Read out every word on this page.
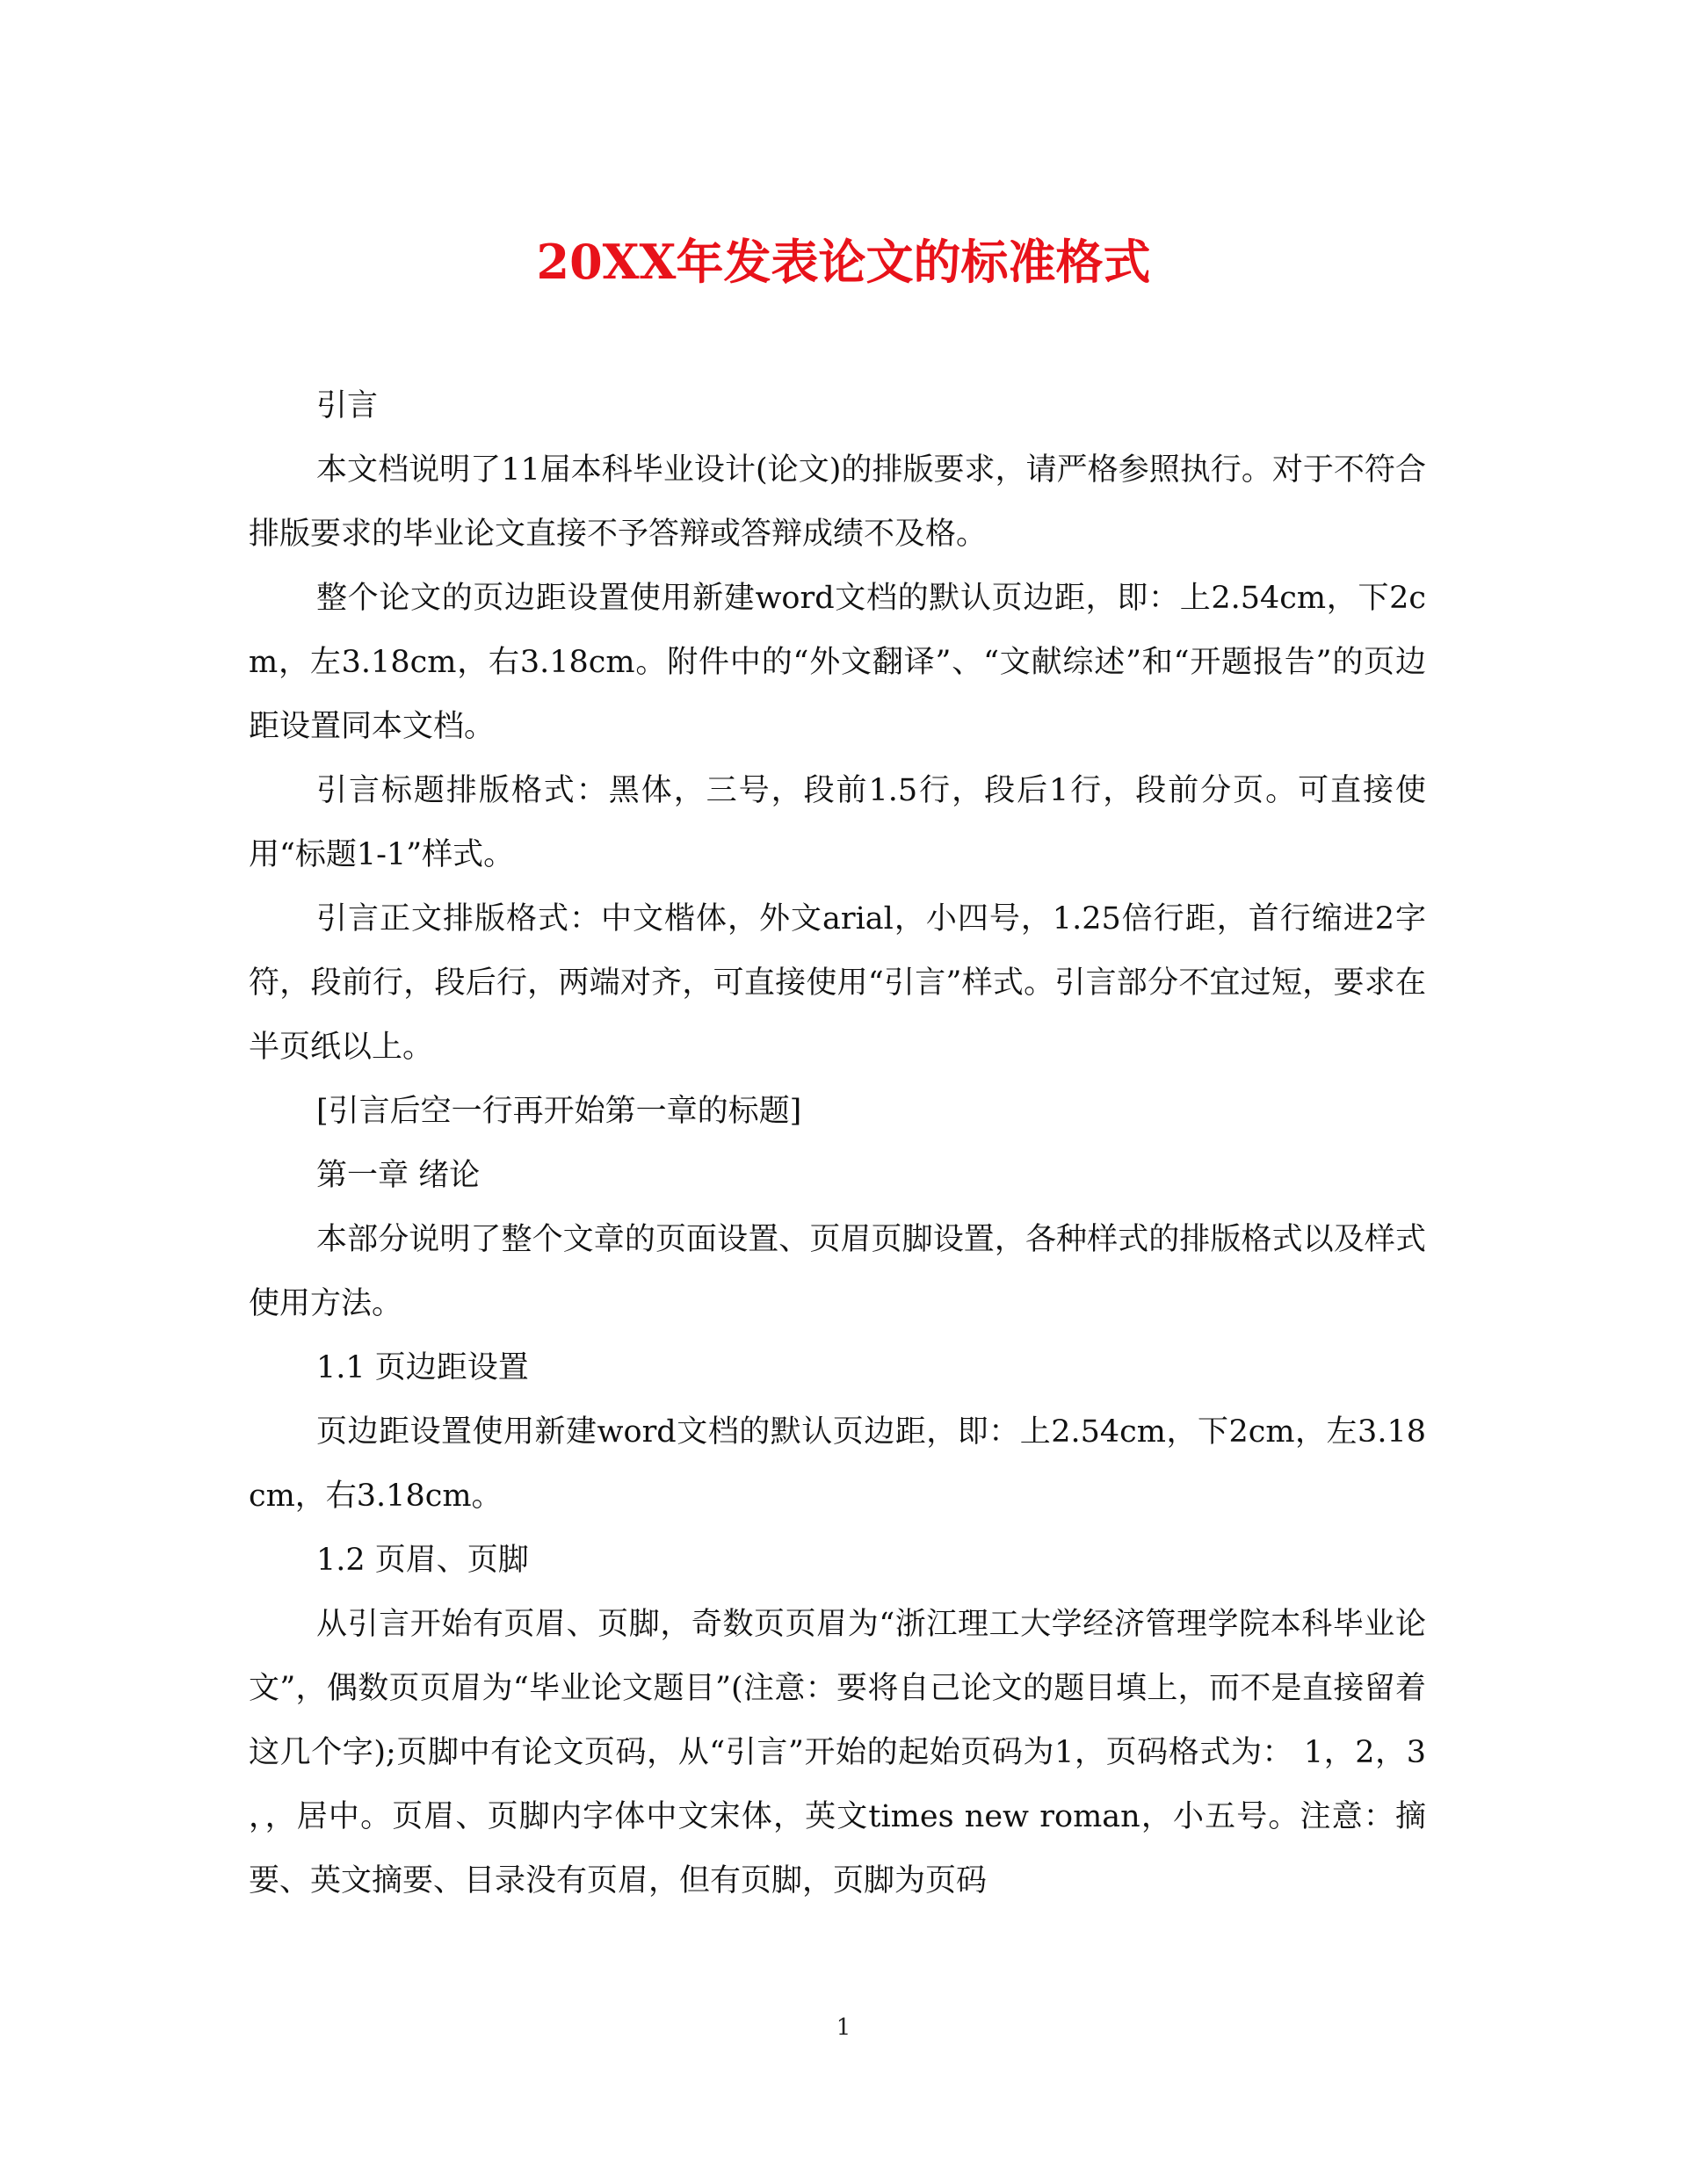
20XX年发表论文的标准格式

引言

本文档说明了11届本科毕业设计(论文)的排版要求，请严格参照执行。对于不符合排版要求的毕业论文直接不予答辩或答辩成绩不及格。

整个论文的页边距设置使用新建word文档的默认页边距，即：上2.54cm，下2cm，左3.18cm，右3.18cm。附件中的“外文翻译”、“文献综述”和“开题报告”的页边距设置同本文档。

引言标题排版格式：黑体，三号，段前1.5行，段后1行，段前分页。可直接使用“标题1-1”样式。

引言正文排版格式：中文楷体，外文arial，小四号，1.25倍行距，首行缩进2字符，段前行，段后行，两端对齐，可直接使用“引言”样式。引言部分不宜过短，要求在半页纸以上。

[引言后空一行再开始第一章的标题]

第一章 绪论

本部分说明了整个文章的页面设置、页眉页脚设置，各种样式的排版格式以及样式使用方法。

1.1 页边距设置

页边距设置使用新建word文档的默认页边距，即：上2.54cm，下2cm，左3.18cm，右3.18cm。

1.2 页眉、页脚

从引言开始有页眉、页脚，奇数页页眉为“浙江理工大学经济管理学院本科毕业论文”，偶数页页眉为“毕业论文题目”(注意：要将自己论文的题目填上，而不是直接留着这几个字);页脚中有论文页码，从“引言”开始的起始页码为1，页码格式为： 1，2，3 ，，居中。页眉、页脚内字体中文宋体，英文times new roman，小五号。注意：摘要、英文摘要、目录没有页眉，但有页脚，页脚为页码

1
